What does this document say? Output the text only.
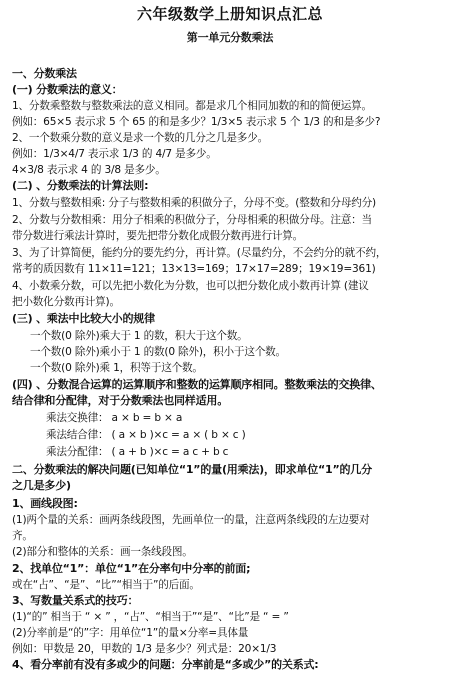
六年级数学上册知识点汇总
第一单元分数乘法
一、分数乘法
(一) 分数乘法的意义：
1、分数乘整数与整数乘法的意义相同。都是求几个相同加数的和的简便运算。
例如：65×5 表示求 5 个 65 的和是多少？1/3×5 表示求 5 个 1/3 的和是多少?
2、一个数乘分数的意义是求一个数的几分之几是多少。
例如：1/3×4/7 表示求 1/3 的 4/7 是多少。
4×3/8 表示求 4 的 3/8 是多少。
(二) 、分数乘法的计算法则:
1、分数与整数相乘: 分子与整数相乘的积做分子，分母不变。(整数和分母约分)
2、分数与分数相乘：用分子相乘的积做分子，分母相乘的积做分母。注意：当
带分数进行乘法计算时，要先把带分数化成假分数再进行计算。
3、为了计算简便，能约分的要先约分，再计算。(尽量约分，不会约分的就不约，
常考的质因数有 11×11=121；13×13=169；17×17=289；19×19=361)
4、小数乘分数，可以先把小数化为分数，也可以把分数化成小数再计算 (建议
把小数化分数再计算)。
(三) 、乘法中比较大小的规律
一个数(0 除外)乘大于 1 的数，积大于这个数。
一个数(0 除外)乘小于 1 的数(0 除外)，积小于这个数。
一个数(0 除外)乘 1，积等于这个数。
(四) 、分数混合运算的运算顺序和整数的运算顺序相同。整数乘法的交换律、
结合律和分配律，对于分数乘法也同样适用。
乘法交换律： a × b = b × a
乘法结合律： ( a × b )×c = a × ( b × c )
乘法分配律： ( a + b )×c = a c + b c
二、分数乘法的解决问题(已知单位“1”的量(用乘法)，即求单位“1”的几分
之几是多少)
1、画线段图:
(1)两个量的关系：画两条线段图，先画单位一的量，注意两条线段的左边要对
齐。
(2)部分和整体的关系：画一条线段图。
2、找单位“1”：单位“1”在分率句中分率的前面;
或在“占”、“是”、“比”“相当于”的后面。
3、写数量关系式的技巧：
(1)“的” 相当于 “ × ” ，“占”、“相当于”“是”、“比”是 “ = ”
(2)分率前是“的”字：用单位“1”的量×分率=具体量
例如：甲数是 20，甲数的 1/3 是多少？列式是：20×1/3
4、看分率前有没有多或少的问题：分率前是“多或少”的关系式:
